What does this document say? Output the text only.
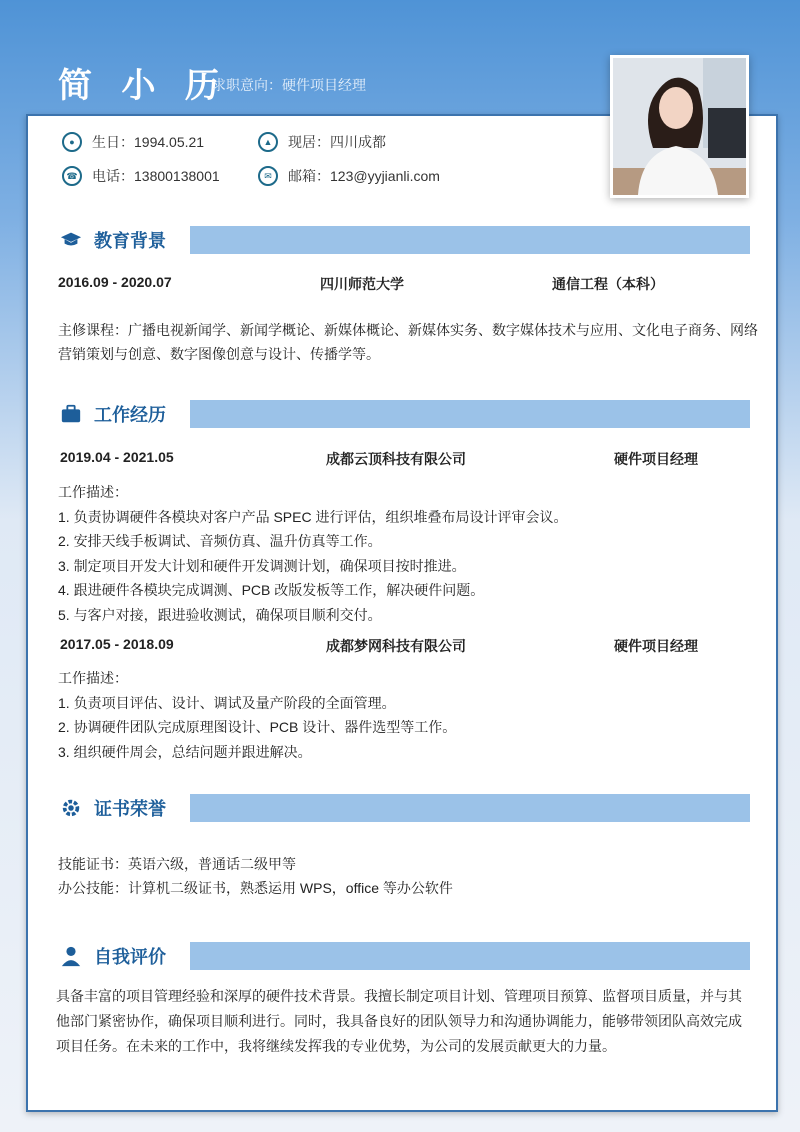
简 小 历
求职意向：硬件项目经理
●	生日：1994.05.21	▲	现居：四川成都
☎	电话：13800138001	✉	邮箱：123@yyjianli.com
教育背景
2016.09 - 2020.07	四川师范大学	通信工程（本科）
主修课程：广播电视新闻学、新闻学概论、新媒体概论、新媒体实务、数字媒体技术与应用、文化电子商务、网络营销策划与创意、数字图像创意与设计、传播学等。
工作经历
2019.04 - 2021.05	成都云顶科技有限公司	硬件项目经理
工作描述：
1. 负责协调硬件各模块对客户产品 SPEC 进行评估，组织堆叠布局设计评审会议。
2. 安排天线手板调试、音频仿真、温升仿真等工作。
3. 制定项目开发大计划和硬件开发调测计划，确保项目按时推进。
4. 跟进硬件各模块完成调测、PCB 改版发板等工作，解决硬件问题。
5. 与客户对接，跟进验收测试，确保项目顺利交付。
2017.05 - 2018.09	成都梦网科技有限公司	硬件项目经理
工作描述：
1. 负责项目评估、设计、调试及量产阶段的全面管理。
2. 协调硬件团队完成原理图设计、PCB 设计、器件选型等工作。
3. 组织硬件周会，总结问题并跟进解决。
证书荣誉
技能证书：英语六级，普通话二级甲等
办公技能：计算机二级证书，熟悉运用 WPS，office 等办公软件
自我评价
具备丰富的项目管理经验和深厚的硬件技术背景。我擅长制定项目计划、管理项目预算、监督项目质量，并与其他部门紧密协作，确保项目顺利进行。同时，我具备良好的团队领导力和沟通协调能力，能够带领团队高效完成项目任务。在未来的工作中，我将继续发挥我的专业优势，为公司的发展贡献更大的力量。
